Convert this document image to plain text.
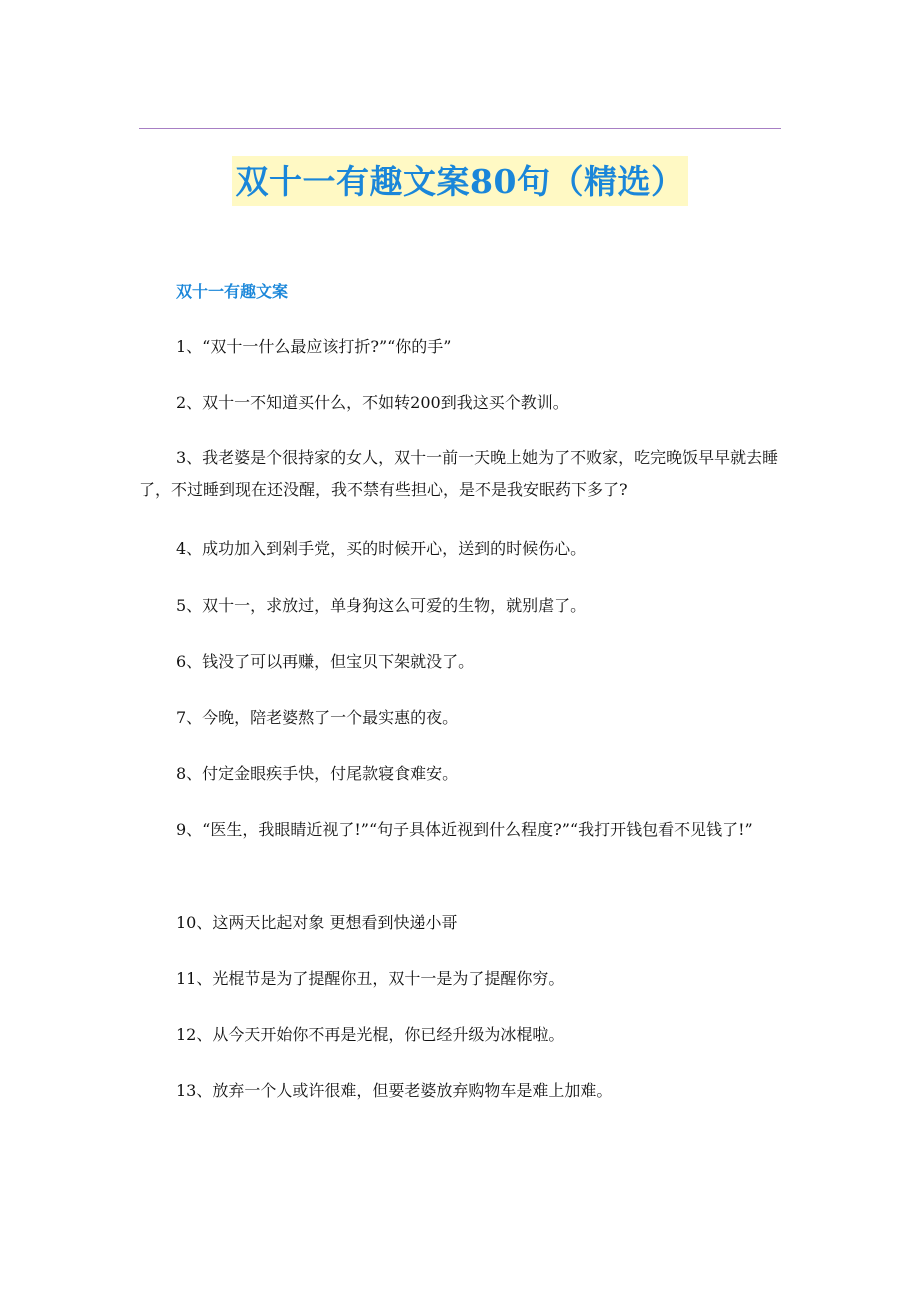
双十一有趣文案80句（精选）
双十一有趣文案

1、“双十一什么最应该打折?”“你的手”

2、双十一不知道买什么，不如转200到我这买个教训。

3、我老婆是个很持家的女人，双十一前一天晚上她为了不败家，吃完晚饭早早就去睡了，不过睡到现在还没醒，我不禁有些担心，是不是我安眠药下多了?

4、成功加入到剁手党，买的时候开心，送到的时候伤心。

5、双十一，求放过，单身狗这么可爱的生物，就别虐了。

6、钱没了可以再赚，但宝贝下架就没了。

7、今晚，陪老婆熬了一个最实惠的夜。

8、付定金眼疾手快，付尾款寝食难安。

9、“医生，我眼睛近视了!”“句子具体近视到什么程度?”“我打开钱包看不见钱了!”

10、这两天比起对象 更想看到快递小哥

11、光棍节是为了提醒你丑，双十一是为了提醒你穷。

12、从今天开始你不再是光棍，你已经升级为冰棍啦。

13、放弃一个人或许很难，但要老婆放弃购物车是难上加难。
